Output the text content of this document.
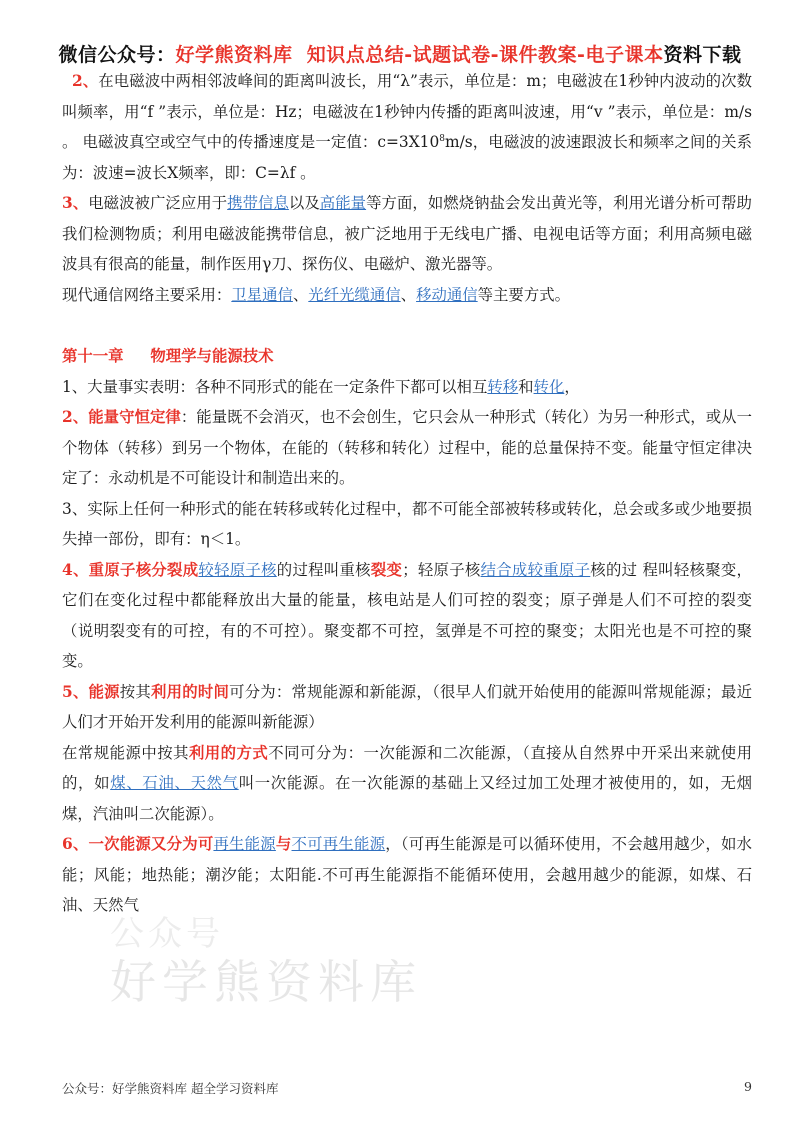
微信公众号：好学熊资料库 知识点总结-试题试卷-课件教案-电子课本资料下载

2、在电磁波中两相邻波峰间的距离叫波长，用“λ”表示，单位是：m；电磁波在1秒钟内波动的次数叫频率，用“f ”表示，单位是：Hz；电磁波在1秒钟内传播的距离叫波速，用“v ”表示，单位是：m/s 。 电磁波真空或空气中的传播速度是一定值：$c=3X10^8m/s$，电磁波的波速跟波长和频率之间的关系为：波速=波长X频率，即：C=λf 。

3、电磁波被广泛应用于携带信息以及高能量等方面，如燃烧钠盐会发出黄光等，利用光谱分析可帮助我们检测物质；利用电磁波能携带信息，被广泛地用于无线电广播、电视电话等方面；利用高频电磁波具有很高的能量，制作医用γ刀、探伤仪、电磁炉、激光器等。

现代通信网络主要采用：卫星通信、光纤光缆通信、移动通信等主要方式。

第十一章 物理学与能源技术

1、大量事实表明：各种不同形式的能在一定条件下都可以相互转移和转化，

2、能量守恒定律：能量既不会消灭，也不会创生，它只会从一种形式（转化）为另一种形式，或从一个物体（转移）到另一个物体，在能的（转移和转化）过程中，能的总量保持不变。能量守恒定律决定了：永动机是不可能设计和制造出来的。

3、实际上任何一种形式的能在转移或转化过程中，都不可能全部被转移或转化，总会或多或少地要损失掉一部份，即有：η＜1。

4、重原子核分裂成较轻原子核的过程叫重核裂变；轻原子核结合成较重原子核的过 程叫轻核聚变，它们在变化过程中都能释放出大量的能量，核电站是人们可控的裂变；原子弹是人们不可控的裂变（说明裂变有的可控，有的不可控）。聚变都不可控，氢弹是不可控的聚变；太阳光也是不可控的聚变。

5、能源按其利用的时间可分为：常规能源和新能源，（很早人们就开始使用的能源叫常规能源；最近人们才开始开发利用的能源叫新能源）

在常规能源中按其利用的方式不同可分为：一次能源和二次能源，（直接从自然界中开采出来就使用的，如煤、石油、天然气叫一次能源。在一次能源的基础上又经过加工处理才被使用的，如，无烟煤，汽油叫二次能源）。

6、一次能源又分为可再生能源与不可再生能源，（可再生能源是可以循环使用，不会越用越少，如水能；风能；地热能；潮汐能；太阳能.不可再生能源指不能循环使用，会越用越少的能源，如煤、石油、天然气

公众号
好学熊资料库
公众号：好学熊资料库 超全学习资料库	9
